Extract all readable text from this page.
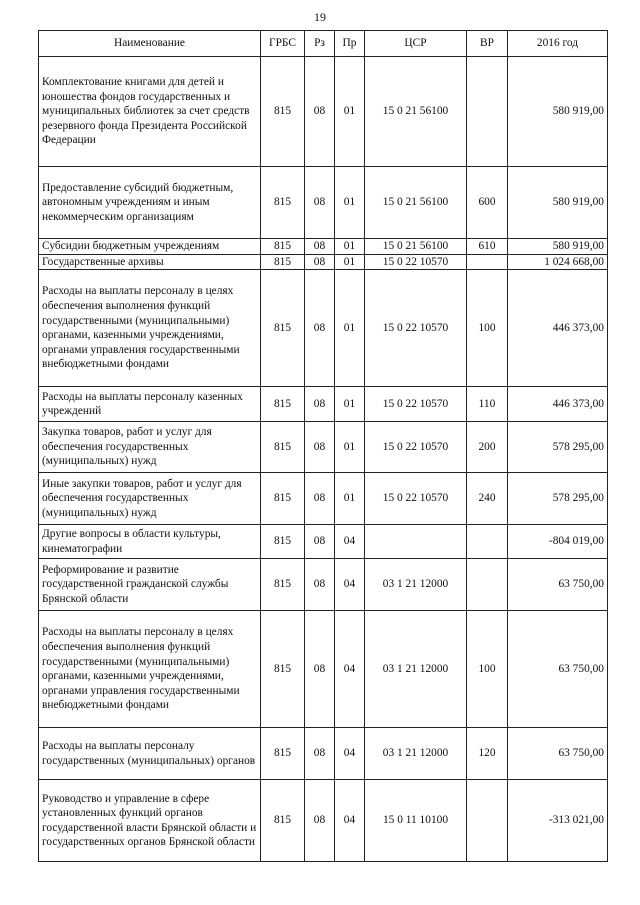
19
Наименование	ГРБС	Рз	Пр	ЦСР	ВР	2016 год
Комплектование книгами для детей и юношества фондов государственных и муниципальных библиотек за счет средств резервного фонда Президента Российской Федерации	815	08	01	15 0 21 56100		580 919,00
Предоставление субсидий бюджетным, автономным учреждениям и иным некоммерческим организациям	815	08	01	15 0 21 56100	600	580 919,00
Субсидии бюджетным учреждениям	815	08	01	15 0 21 56100	610	580 919,00
Государственные архивы	815	08	01	15 0 22 10570		1 024 668,00
Расходы на выплаты персоналу в целях обеспечения выполнения функций государственными (муниципальными) органами, казенными учреждениями, органами управления государственными внебюджетными фондами	815	08	01	15 0 22 10570	100	446 373,00
Расходы на выплаты персоналу казенных учреждений	815	08	01	15 0 22 10570	110	446 373,00
Закупка товаров, работ и услуг для обеспечения государственных (муниципальных) нужд	815	08	01	15 0 22 10570	200	578 295,00
Иные закупки товаров, работ и услуг для обеспечения государственных (муниципальных) нужд	815	08	01	15 0 22 10570	240	578 295,00
Другие вопросы в области культуры, кинематографии	815	08	04			-804 019,00
Реформирование и развитие государственной гражданской службы Брянской области	815	08	04	03 1 21 12000		63 750,00
Расходы на выплаты персоналу в целях обеспечения выполнения функций государственными (муниципальными) органами, казенными учреждениями, органами управления государственными внебюджетными фондами	815	08	04	03 1 21 12000	100	63 750,00
Расходы на выплаты персоналу государственных (муниципальных) органов	815	08	04	03 1 21 12000	120	63 750,00
Руководство и управление в сфере установленных функций органов государственной власти Брянской области и государственных органов Брянской области	815	08	04	15 0 11 10100		-313 021,00
